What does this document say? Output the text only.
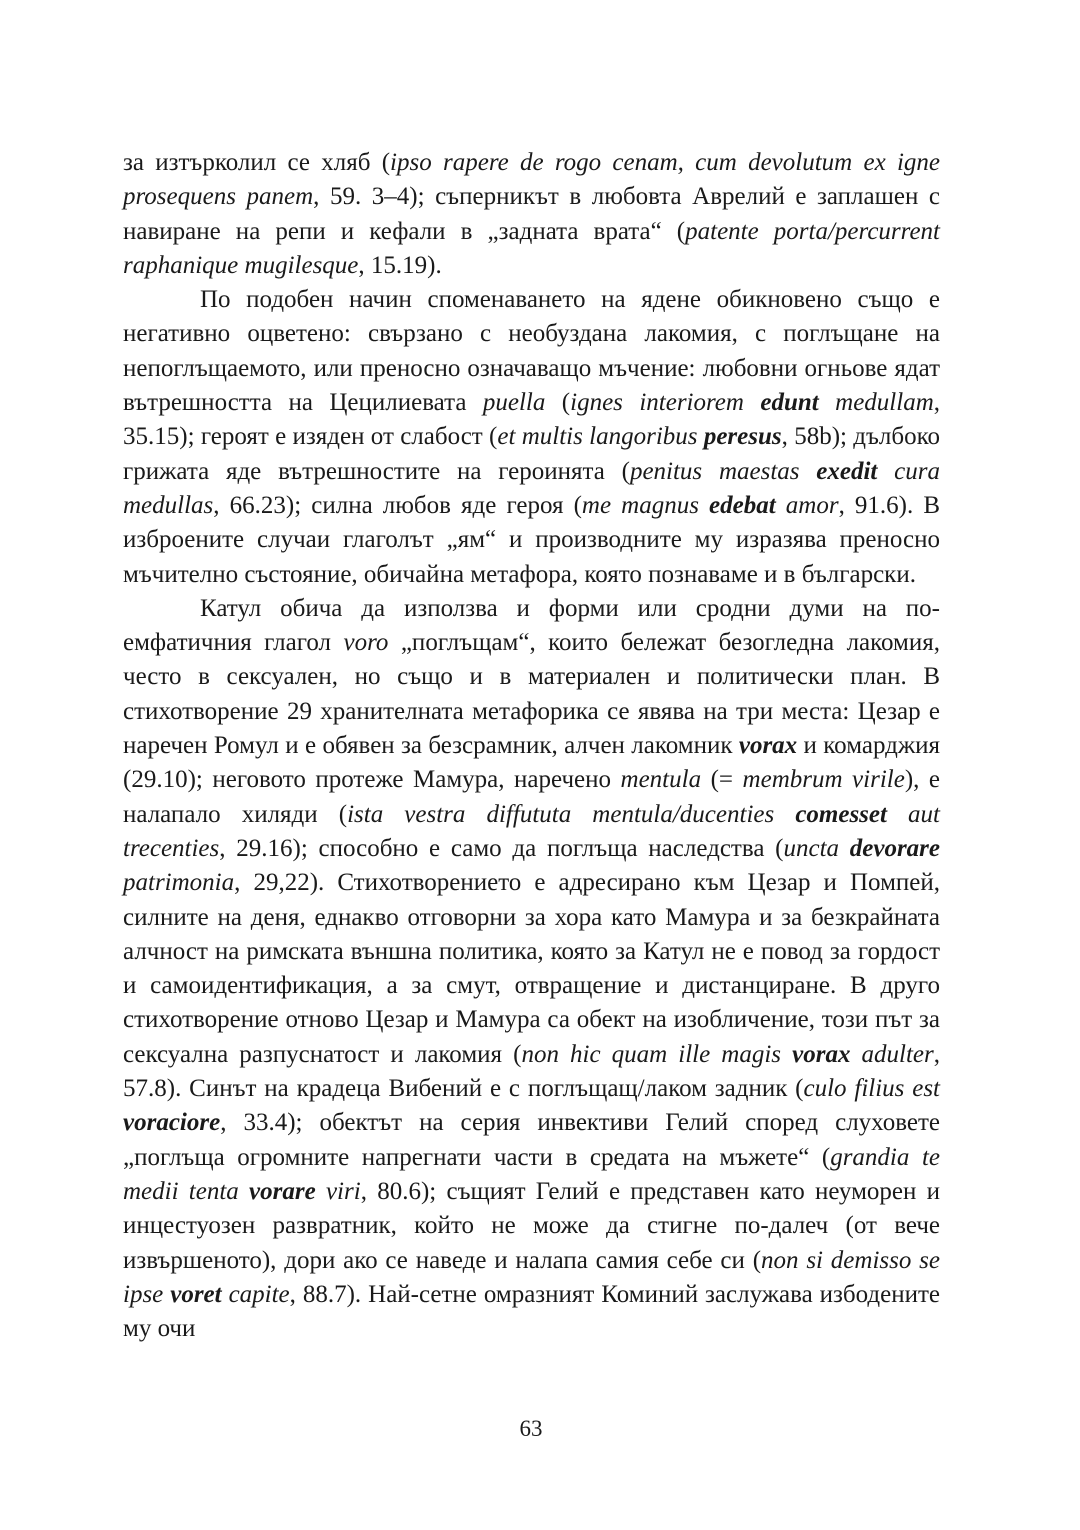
за изтърколил се хляб (ipso rapere de rogo cenam, cum devolutum ex igne prosequens panem, 59. 3–4); съперникът в любовта Аврелий е заплашен с навиране на репи и кефали в „задната врата“ (patente porta/percurrent raphanique mugilesque, 15.19).

По подобен начин споменаването на ядене обикновено също е негативно оцветено: свързано с необуздана лакомия, с поглъщане на непоглъщаемото, или преносно означаващо мъчение: любовни огньове ядат вътрешността на Цецилиевата puella (ignes interiorem edunt medullam, 35.15); героят е изяден от слабост (et multis langoribus peresus, 58b); дълбоко грижата яде вътрешностите на героинята (penitus maestas exedit cura medullas, 66.23); силна любов яде героя (me magnus edebat amor, 91.6). В изброените случаи глаголът „ям“ и производните му изразява преносно мъчително състояние, обичайна метафора, която познаваме и в български.

Катул обича да използва и форми или сродни думи на по-емфатичния глагол voro „поглъщам“, които бележат безогледна лакомия, често в сексуален, но също и в материален и политически план. В стихотворение 29 хранителната метафорика се явява на три места: Цезар е наречен Ромул и е обявен за безсрамник, алчен лакомник vorax и комарджия (29.10); неговото протеже Мамура, наречено mentula (= membrum virile), е налапало хиляди (ista vestra diffututa mentula/ducenties comesset aut trecenties, 29.16); способно е само да поглъща наследства (uncta devorare patrimonia, 29,22). Стихотворението е адресирано към Цезар и Помпей, силните на деня, еднакво отговорни за хора като Мамура и за безкрайната алчност на римската външна политика, която за Катул не е повод за гордост и самоидентификация, а за смут, отвращение и дистанциране. В друго стихотворение отново Цезар и Мамура са обект на изобличение, този път за сексуална разпуснатост и лакомия (non hic quam ille magis vorax adulter, 57.8). Синът на крадеца Вибений е с поглъщащ/​лаком задник (culo filius est voraciore, 33.4); обектът на серия инвективи Гелий според слуховете „поглъща огромните напрегнати части в средата на мъжете“ (grandia te medii tenta vorare viri, 80.6); същият Гелий е представен като неуморен и инцестуозен развратник, който не може да стигне по-далеч (от вече извършеното), дори ако се наведе и налапа самия себе си (non si demisso se ipse voret capite, 88.7). Най-сетне омразният Коминий заслужава избодените му очи

63
